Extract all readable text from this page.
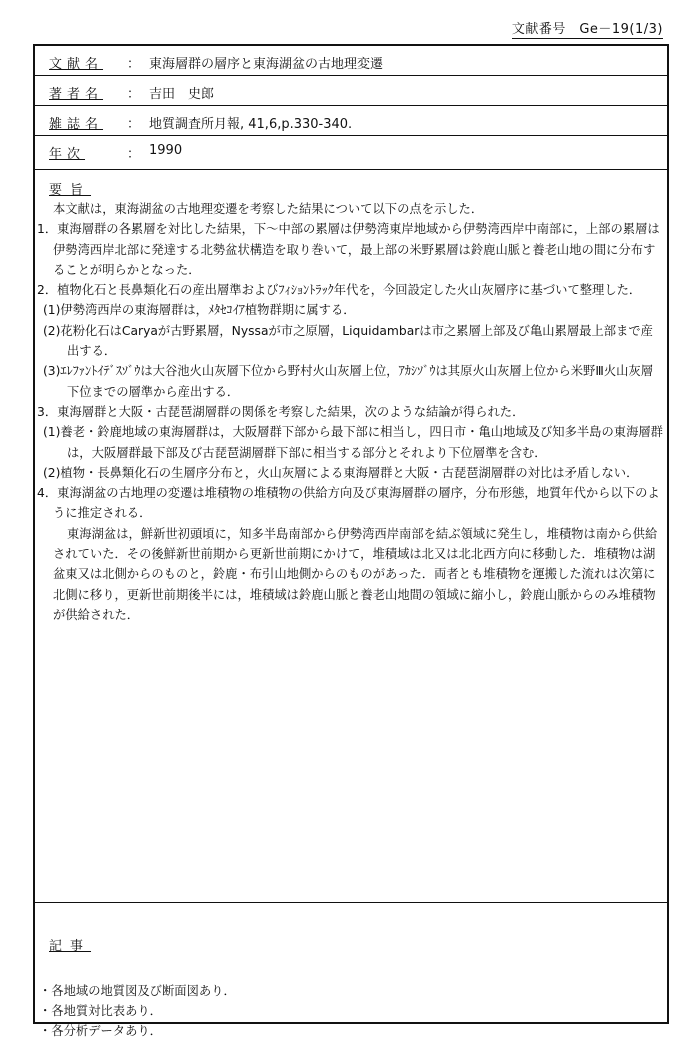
文献番号　Ge－19(1/3)
文献名	： 東海層群の層序と東海湖盆の古地理変遷
著者名	： 吉田　史郎
雑誌名	： 地質調査所月報, 41,6,p.330-340.
年次	： 1990
要旨

本文献は，東海湖盆の古地理変遷を考察した結果について以下の点を示した．

1．東海層群の各累層を対比した結果，下～中部の累層は伊勢湾東岸地域から伊勢湾西岸中南部に，上部の累層は伊勢湾西岸北部に発達する北勢盆状構造を取り巻いて，最上部の米野累層は鈴鹿山脈と養老山地の間に分布することが明らかとなった．

2．植物化石と長鼻類化石の産出層準およびﾌｨｼｮﾝﾄﾗｯｸ年代を，今回設定した火山灰層序に基づいて整理した．

(1)伊勢湾西岸の東海層群は，ﾒﾀｾｺｲｱ植物群期に属する．

(2)花粉化石はCaryaが古野累層，Nyssaが市之原層，Liquidambarは市之累層上部及び亀山累層最上部まで産出する．

(3)ｴﾚﾌｧﾝﾄｲﾃﾞｽｿﾞｳは大谷池火山灰層下位から野村火山灰層上位，ｱｶｼｿﾞｳは其原火山灰層上位から米野Ⅲ火山灰層下位までの層準から産出する．

3．東海層群と大阪・古琵琶湖層群の関係を考察した結果，次のような結論が得られた．

(1)養老・鈴鹿地域の東海層群は，大阪層群下部から最下部に相当し，四日市・亀山地域及び知多半島の東海層群は，大阪層群最下部及び古琵琶湖層群下部に相当する部分とそれより下位層準を含む．

(2)植物・長鼻類化石の生層序分布と，火山灰層による東海層群と大阪・古琵琶湖層群の対比は矛盾しない．

4．東海湖盆の古地理の変遷は堆積物の堆積物の供給方向及び東海層群の層序，分布形態，地質年代から以下のように推定される．

東海湖盆は，鮮新世初頭頃に，知多半島南部から伊勢湾西岸南部を結ぶ領域に発生し，堆積物は南から供給されていた．その後鮮新世前期から更新世前期にかけて，堆積域は北又は北北西方向に移動した．堆積物は湖盆東又は北側からのものと，鈴鹿・布引山地側からのものがあった．両者とも堆積物を運搬した流れは次第に北側に移り，更新世前期後半には，堆積域は鈴鹿山脈と養老山地間の領域に縮小し，鈴鹿山脈からのみ堆積物が供給された．

記事
・各地域の地質図及び断面図あり．
・各地質対比表あり．
・各分析データあり．
